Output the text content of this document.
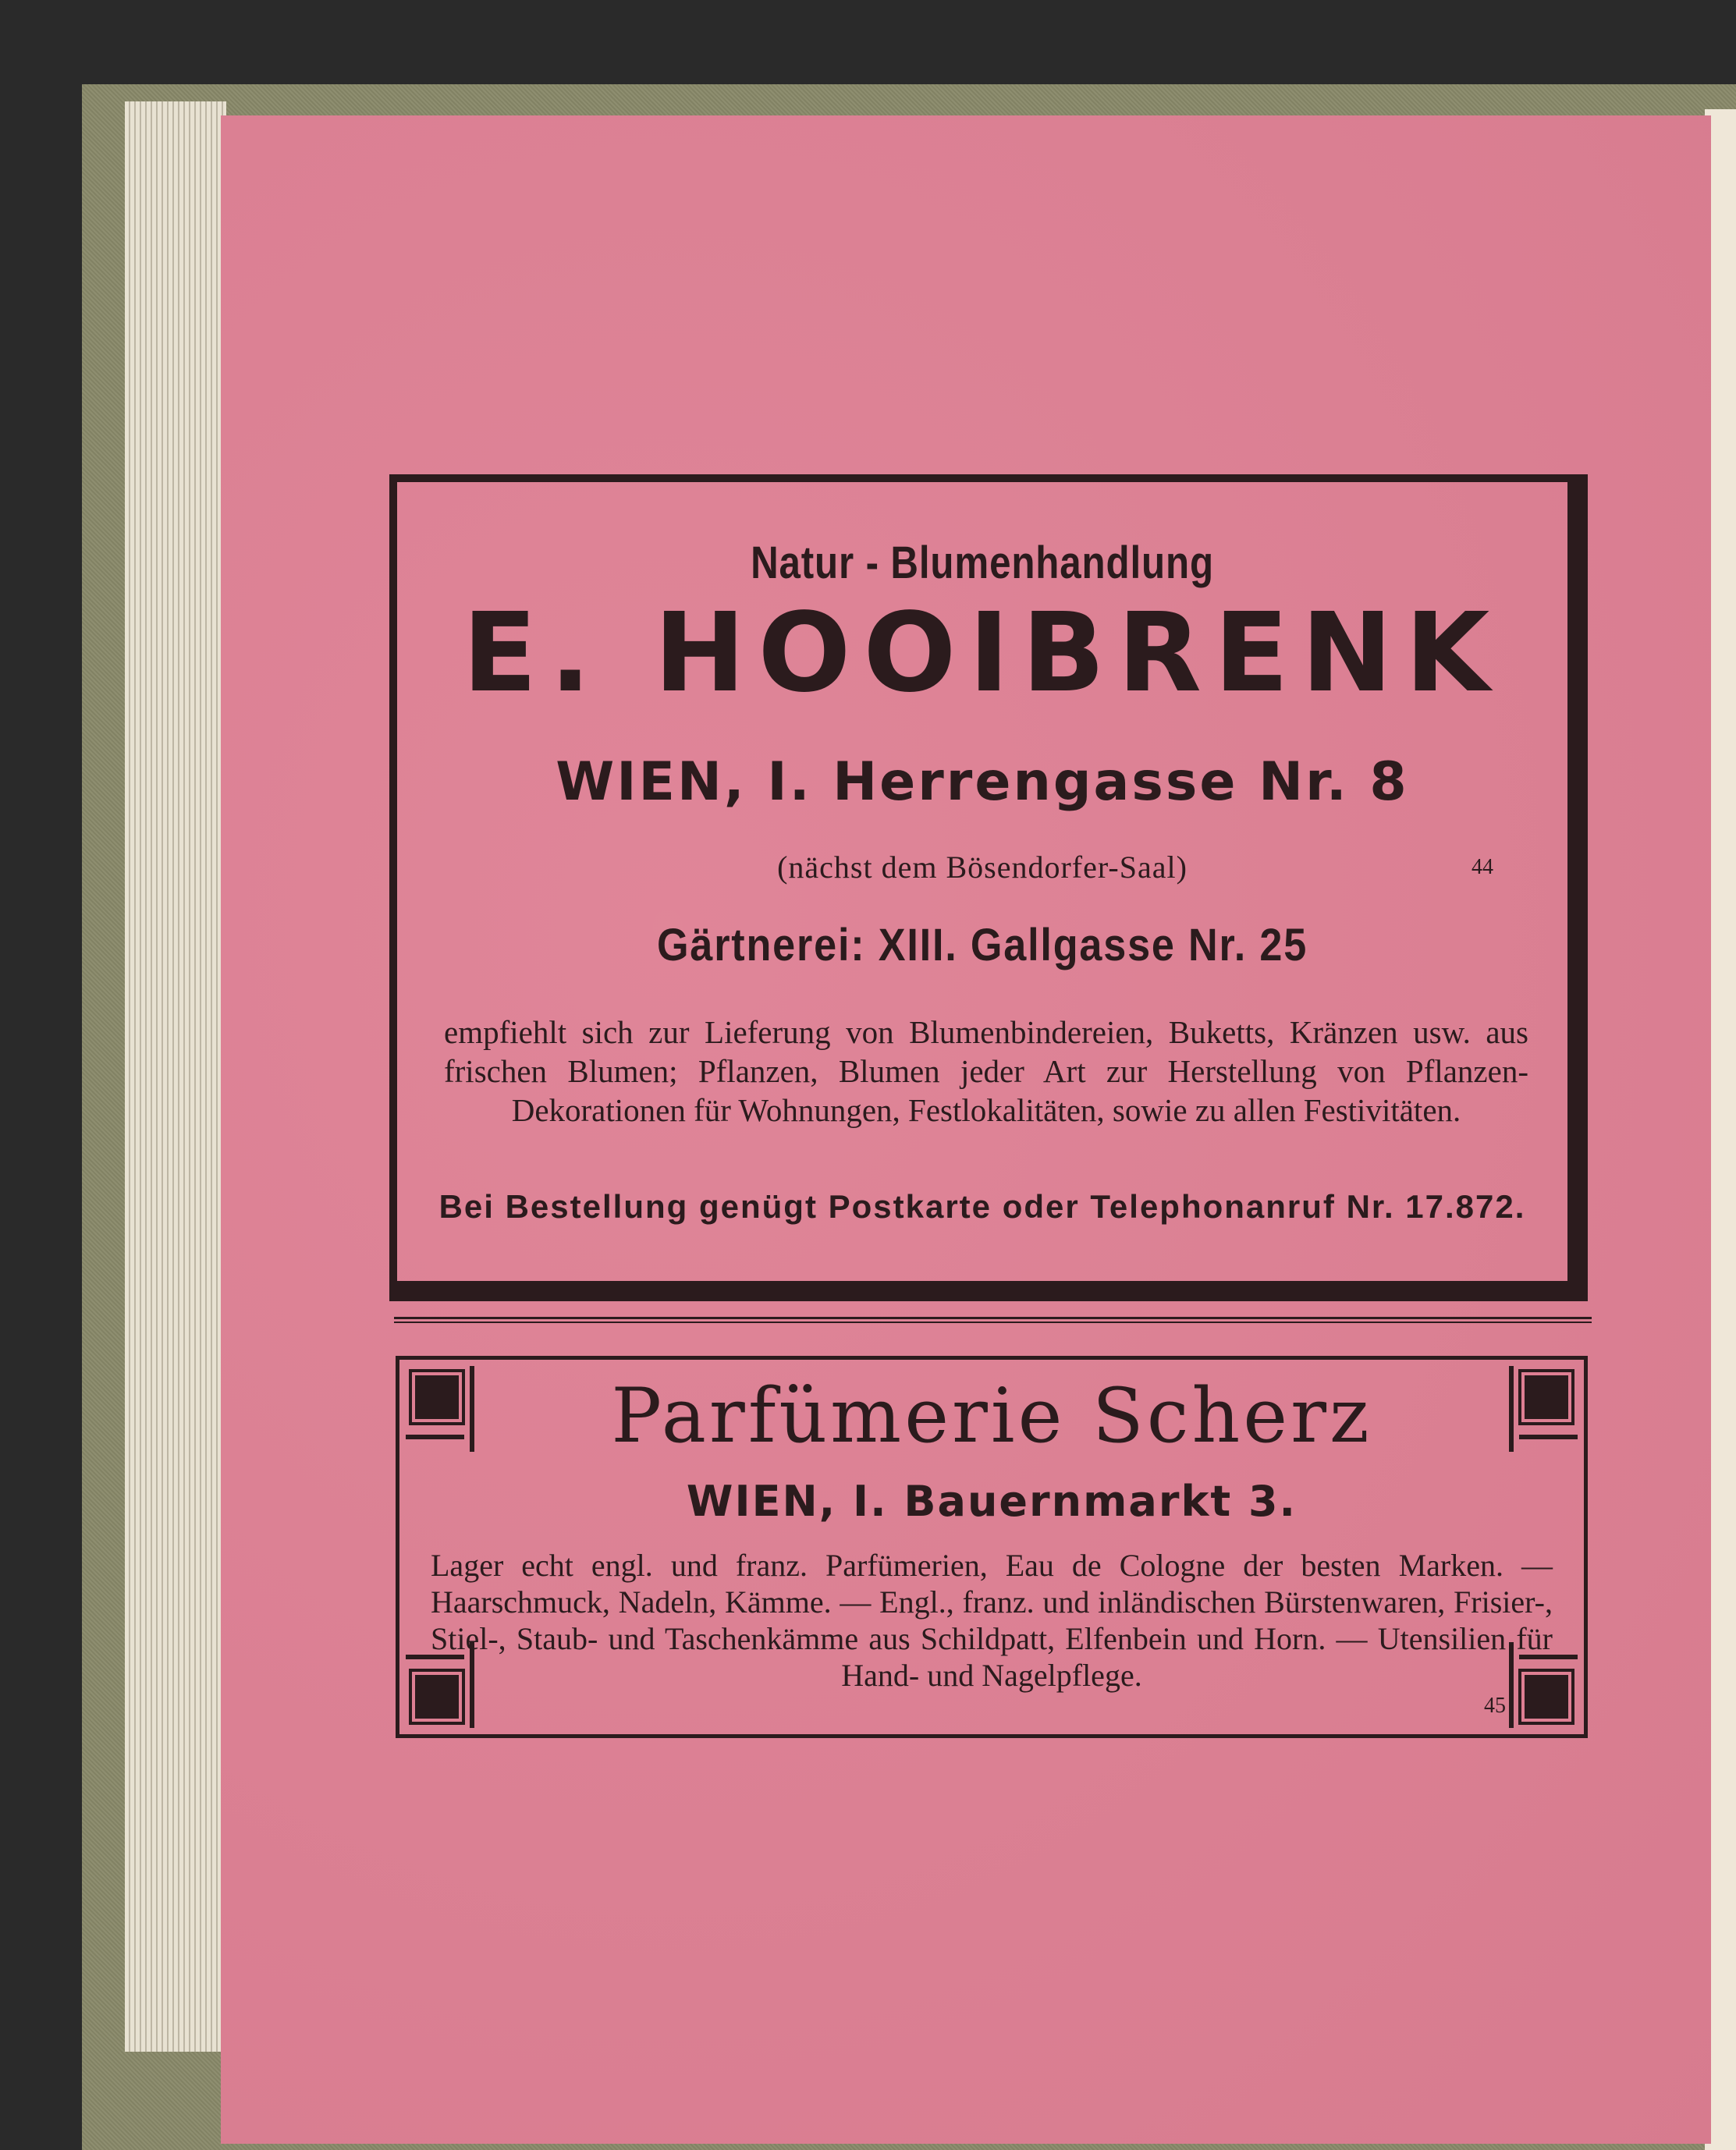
Natur - Blumenhandlung
E. HOOIBRENK
WIEN, I. Herrengasse Nr. 8
(nächst dem Bösendorfer-Saal)	44
Gärtnerei: XIII. Gallgasse Nr. 25
empfiehlt sich zur Lieferung von Blumenbindereien, Buketts, Kränzen usw. aus frischen Blumen; Pflanzen, Blumen jeder Art zur Herstellung von Pflanzen-Dekorationen für Wohnungen, Festlokalitäten, sowie zu allen Festivitäten.
Bei Bestellung genügt Postkarte oder Telephonanruf Nr. 17.872.
Parfümerie Scherz
WIEN, I. Bauernmarkt 3.
Lager echt engl. und franz. Parfümerien, Eau de Cologne der besten Marken. — Haarschmuck, Nadeln, Kämme. — Engl., franz. und inländischen Bürstenwaren, Frisier-, Stiel-, Staub- und Taschenkämme aus Schildpatt, Elfenbein und Horn. — Utensilien für Hand- und Nagelpflege.
45
